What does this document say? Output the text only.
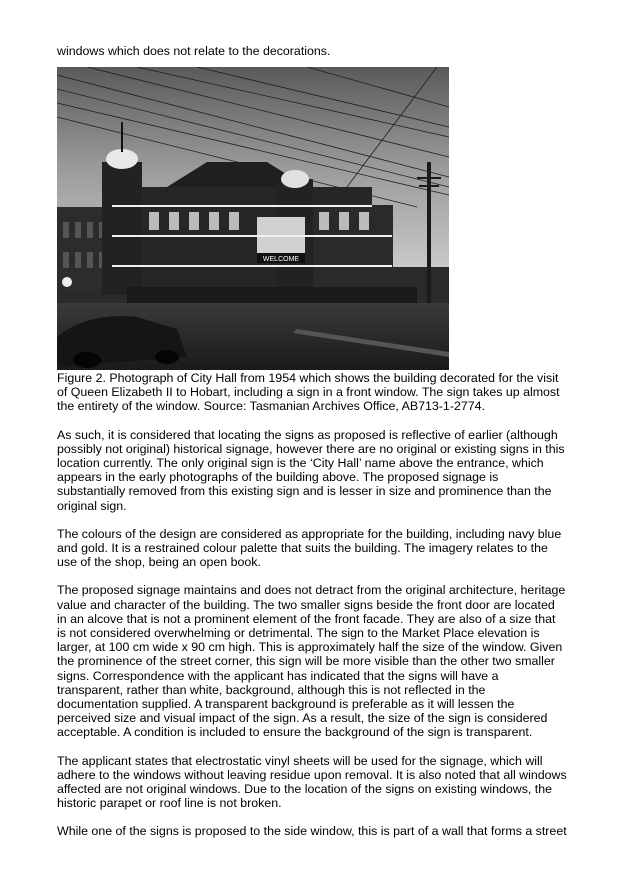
windows which does not relate to the decorations.
WELCOME
Figure 2. Photograph of City Hall from 1954 which shows the building decorated for the visit of Queen Elizabeth II to Hobart, including a sign in a front window. The sign takes up almost the entirety of the window. Source: Tasmanian Archives Office, AB713-1-2774.

As such, it is considered that locating the signs as proposed is reflective of earlier (although possibly not original) historical signage, however there are no original or existing signs in this location currently. The only original sign is the ‘City Hall’ name above the entrance, which appears in the early photographs of the building above. The proposed signage is substantially removed from this existing sign and is lesser in size and prominence than the original sign.

The colours of the design are considered as appropriate for the building, including navy blue and gold. It is a restrained colour palette that suits the building. The imagery relates to the use of the shop, being an open book.

The proposed signage maintains and does not detract from the original architecture, heritage value and character of the building. The two smaller signs beside the front door are located in an alcove that is not a prominent element of the front facade. They are also of a size that is not considered overwhelming or detrimental. The sign to the Market Place elevation is larger, at 100 cm wide x 90 cm high. This is approximately half the size of the window. Given the prominence of the street corner, this sign will be more visible than the other two smaller signs. Correspondence with the applicant has indicated that the signs will have a transparent, rather than white, background, although this is not reflected in the documentation supplied. A transparent background is preferable as it will lessen the perceived size and visual impact of the sign. As a result, the size of the sign is considered acceptable. A condition is included to ensure the background of the sign is transparent.

The applicant states that electrostatic vinyl sheets will be used for the signage, which will adhere to the windows without leaving residue upon removal. It is also noted that all windows affected are not original windows. Due to the location of the signs on existing windows, the historic parapet or roof line is not broken.

While one of the signs is proposed to the side window, this is part of a wall that forms a street
